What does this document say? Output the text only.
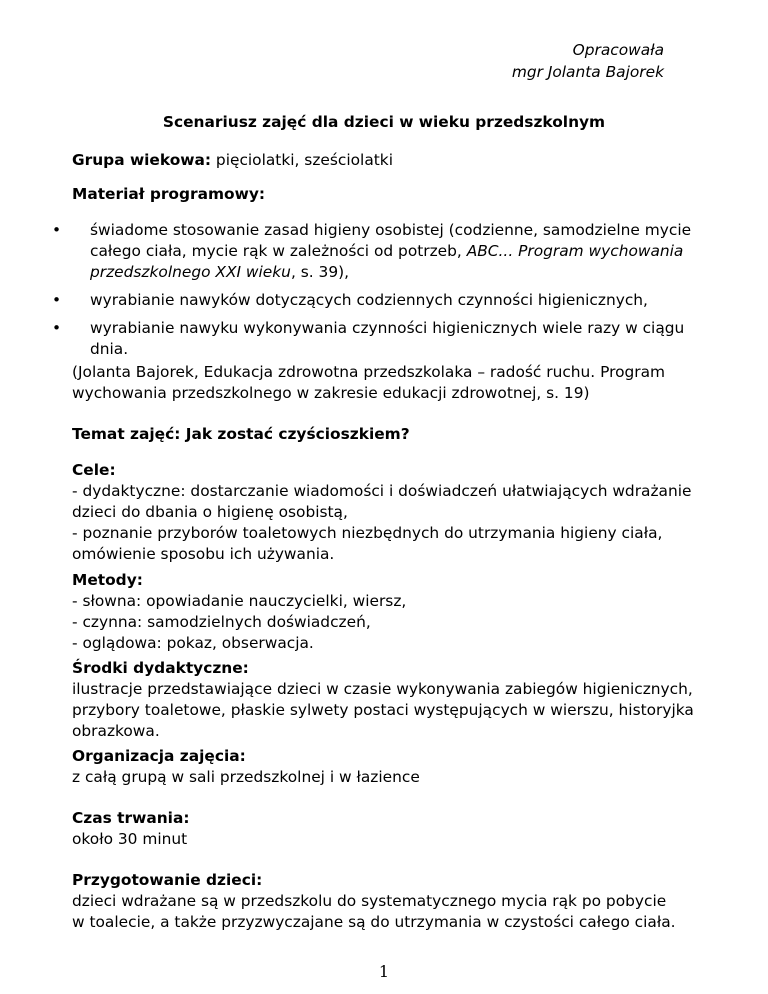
Opracowała
mgr Jolanta Bajorek
Scenariusz zajęć dla dzieci w wieku przedszkolnym
Grupa wiekowa: pięciolatki, sześciolatki
Materiał programowy:
• świadome stosowanie zasad higieny osobistej (codzienne, samodzielne mycie
całego ciała, mycie rąk w zależności od potrzeb, ABC... Program wychowania
przedszkolnego XXI wieku, s. 39),
• wyrabianie nawyków dotyczących codziennych czynności higienicznych,
• wyrabianie nawyku wykonywania czynności higienicznych wiele razy w ciągu
dnia.
(Jolanta Bajorek, Edukacja zdrowotna przedszkolaka – radość ruchu. Program
wychowania przedszkolnego w zakresie edukacji zdrowotnej, s. 19)
Temat zajęć: Jak zostać czyścioszkiem?
Cele:
- dydaktyczne: dostarczanie wiadomości i doświadczeń ułatwiających wdrażanie
dzieci do dbania o higienę osobistą,
- poznanie przyborów toaletowych niezbędnych do utrzymania higieny ciała,
omówienie sposobu ich używania.
Metody:
- słowna: opowiadanie nauczycielki, wiersz,
- czynna: samodzielnych doświadczeń,
- oglądowa: pokaz, obserwacja.
Środki dydaktyczne:
ilustracje przedstawiające dzieci w czasie wykonywania zabiegów higienicznych,
przybory toaletowe, płaskie sylwety postaci występujących w wierszu, historyjka
obrazkowa.
Organizacja zajęcia:
z całą grupą w sali przedszkolnej i w łazience
Czas trwania:
około 30 minut
Przygotowanie dzieci:
dzieci wdrażane są w przedszkolu do systematycznego mycia rąk po pobycie
w toalecie, a także przyzwyczajane są do utrzymania w czystości całego ciała.
1
